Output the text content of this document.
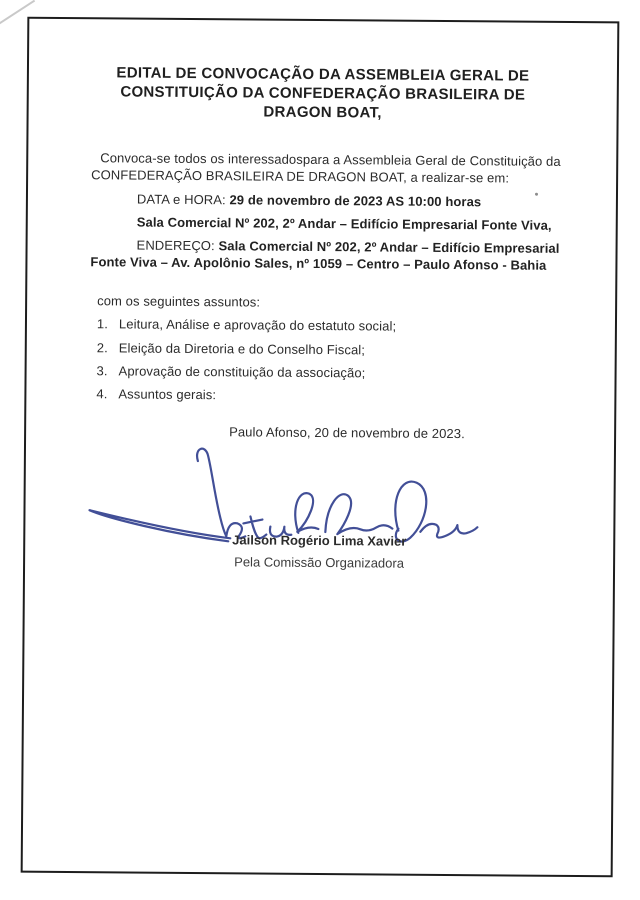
EDITAL DE CONVOCAÇÃO DA ASSEMBLEIA GERAL DE
CONSTITUIÇÃO DA CONFEDERAÇÃO BRASILEIRA DE
DRAGON BOAT,
Convoca-se todos os interessadospara a Assembleia Geral de Constituição da
CONFEDERAÇÃO BRASILEIRA DE DRAGON BOAT, a realizar-se em:
DATA e HORA: 29 de novembro de 2023 AS 10:00 horas
Sala Comercial Nº 202, 2º Andar – Edifício Empresarial Fonte Viva,
ENDEREÇO: Sala Comercial Nº 202, 2º Andar – Edifício Empresarial
Fonte Viva – Av. Apolônio Sales, nº 1059 – Centro – Paulo Afonso - Bahia
com os seguintes assuntos:
1. Leitura, Análise e aprovação do estatuto social;
2. Eleição da Diretoria e do Conselho Fiscal;
3. Aprovação de constituição da associação;
4. Assuntos gerais:
Paulo Afonso, 20 de novembro de 2023.
Jailson Rogério Lima Xavier
Pela Comissão Organizadora
